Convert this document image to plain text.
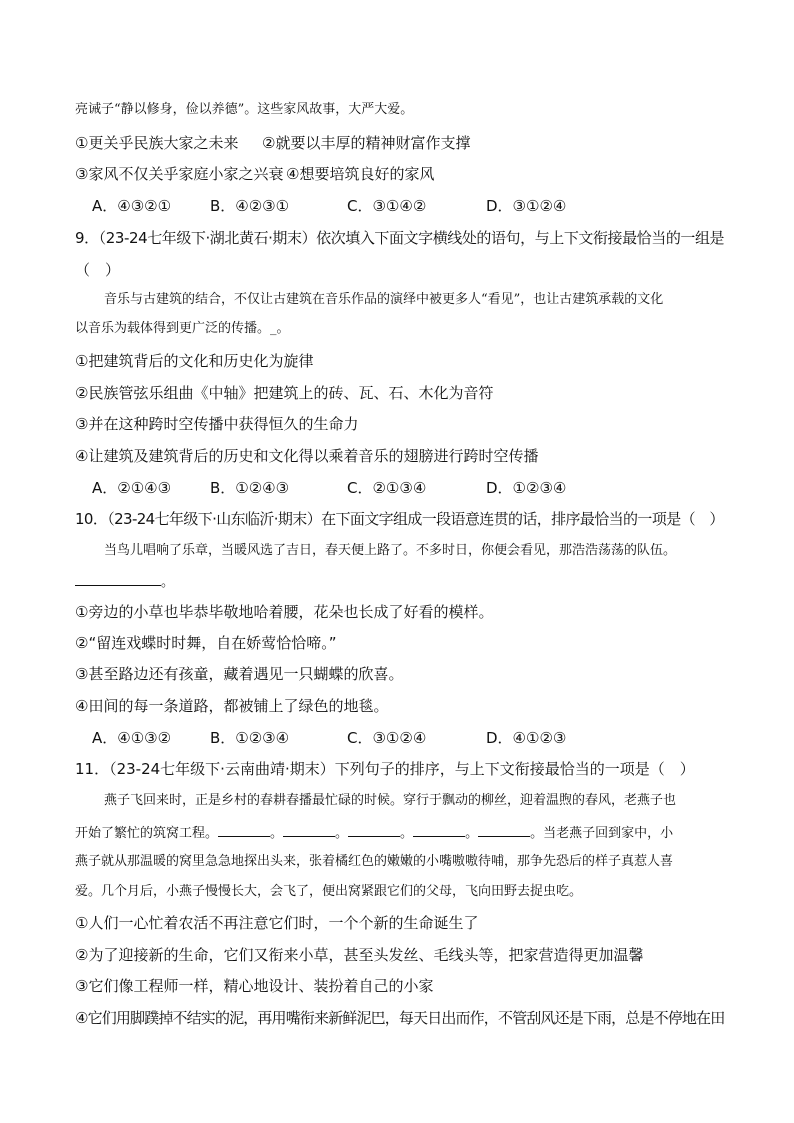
亮诫子“静以修身，俭以养德”。这些家风故事，大严大爱。
①更关乎民族大家之未来 ②就要以丰厚的精神财富作支撑
③家风不仅关乎家庭小家之兴衰 ④想要培筑良好的家风
A．④③②①	B．④②③①	C．③①④②	D．③①②④
9．（23-24七年级下·湖北黄石·期末）依次填入下面文字横线处的语句，与上下文衔接最恰当的一组是
（　）
音乐与古建筑的结合，不仅让古建筑在音乐作品的演绎中被更多人“看见”，也让古建筑承载的文化
以音乐为载体得到更广泛的传播。_。
①把建筑背后的文化和历史化为旋律
②民族管弦乐组曲《中轴》把建筑上的砖、瓦、石、木化为音符
③并在这种跨时空传播中获得恒久的生命力
④让建筑及建筑背后的历史和文化得以乘着音乐的翅膀进行跨时空传播
A．②①④③	B．①②④③	C．②①③④	D．①②③④
10．（23-24七年级下·山东临沂·期末）在下面文字组成一段语意连贯的话，排序最恰当的一项是（　）
当鸟儿唱响了乐章，当暖风选了吉日，春天便上路了。不多时日，你便会看见，那浩浩荡荡的队伍。
。
①旁边的小草也毕恭毕敬地哈着腰，花朵也长成了好看的模样。
②“留连戏蝶时时舞，自在娇莺恰恰啼。”
③甚至路边还有孩童，藏着遇见一只蝴蝶的欣喜。
④田间的每一条道路，都被铺上了绿色的地毯。
A．④①③②	B．①②③④	C．③①②④	D．④①②③
11．（23-24七年级下·云南曲靖·期末）下列句子的排序，与上下文衔接最恰当的一项是（　）
燕子飞回来时，正是乡村的春耕春播最忙碌的时候。穿行于飘动的柳丝，迎着温煦的春风，老燕子也
开始了繁忙的筑窝工程。	。	。	。	。	。当老燕子回到家中，小
燕子就从那温暖的窝里急急地探出头来，张着橘红色的嫩嫩的小嘴嗷嗷待哺，那争先恐后的样子真惹人喜
爱。几个月后，小燕子慢慢长大，会飞了，便出窝紧跟它们的父母，飞向田野去捉虫吃。
①人们一心忙着农活不再注意它们时，一个个新的生命诞生了
②为了迎接新的生命，它们又衔来小草，甚至头发丝、毛线头等，把家营造得更加温馨
③它们像工程师一样，精心地设计、装扮着自己的小家
④它们用脚蹼掉不结实的泥，再用嘴衔来新鲜泥巴，每天日出而作，不管刮风还是下雨，总是不停地在田
